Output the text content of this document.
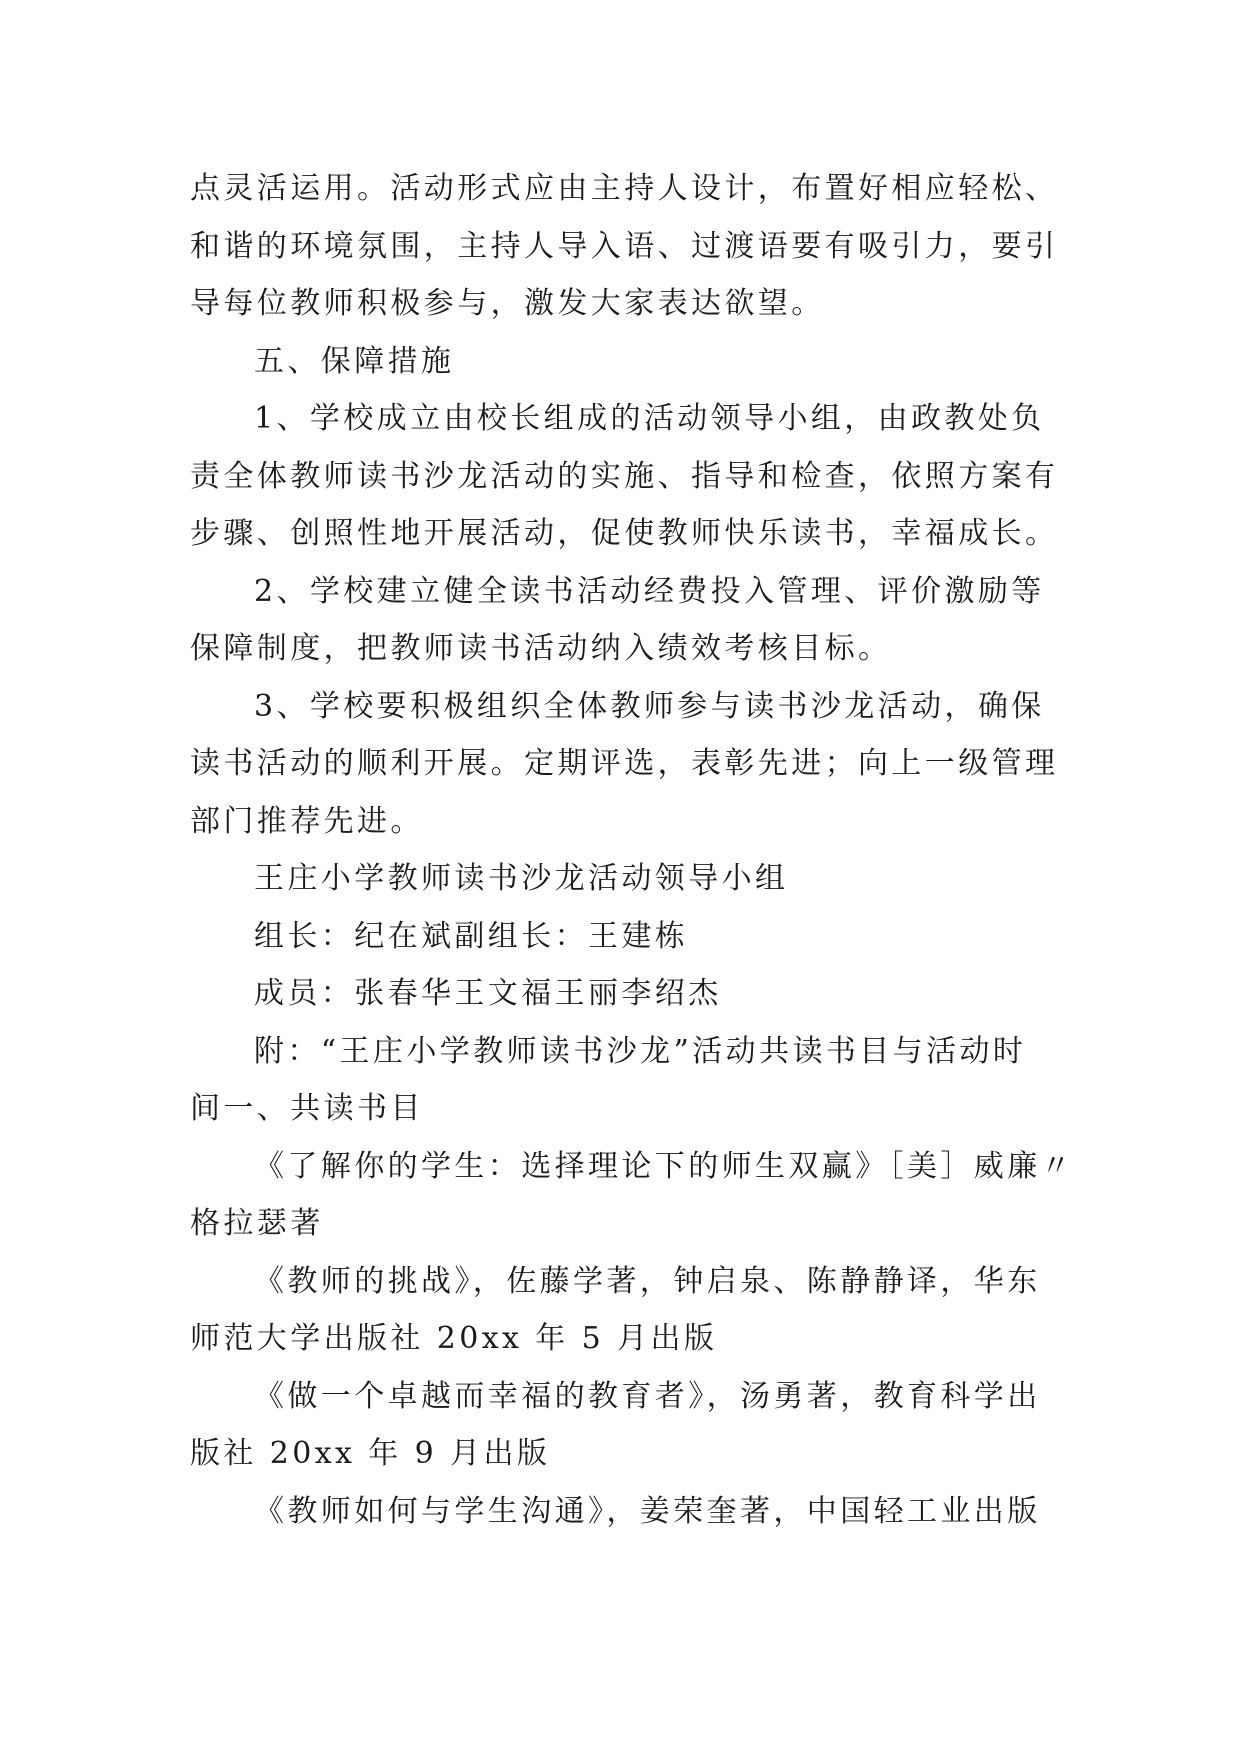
点灵活运用。活动形式应由主持人设计，布置好相应轻松、
和谐的环境氛围，主持人导入语、过渡语要有吸引力，要引
导每位教师积极参与，激发大家表达欲望。
五、保障措施
1、学校成立由校长组成的活动领导小组，由政教处负
责全体教师读书沙龙活动的实施、指导和检查，依照方案有
步骤、创照性地开展活动，促使教师快乐读书，幸福成长。
2、学校建立健全读书活动经费投入管理、评价激励等
保障制度，把教师读书活动纳入绩效考核目标。
3、学校要积极组织全体教师参与读书沙龙活动，确保
读书活动的顺利开展。定期评选，表彰先进；向上一级管理
部门推荐先进。
王庄小学教师读书沙龙活动领导小组
组长：纪在斌副组长：王建栋
成员：张春华王文福王丽李绍杰
附：“王庄小学教师读书沙龙”活动共读书目与活动时
间一、共读书目
《了解你的学生：选择理论下的师生双赢》［美］威廉〃
格拉瑟著
《教师的挑战》，佐藤学著，钟启泉、陈静静译，华东
师范大学出版社 20xx 年 5 月出版
《做一个卓越而幸福的教育者》，汤勇著，教育科学出
版社 20xx 年 9 月出版
《教师如何与学生沟通》，姜荣奎著，中国轻工业出版
